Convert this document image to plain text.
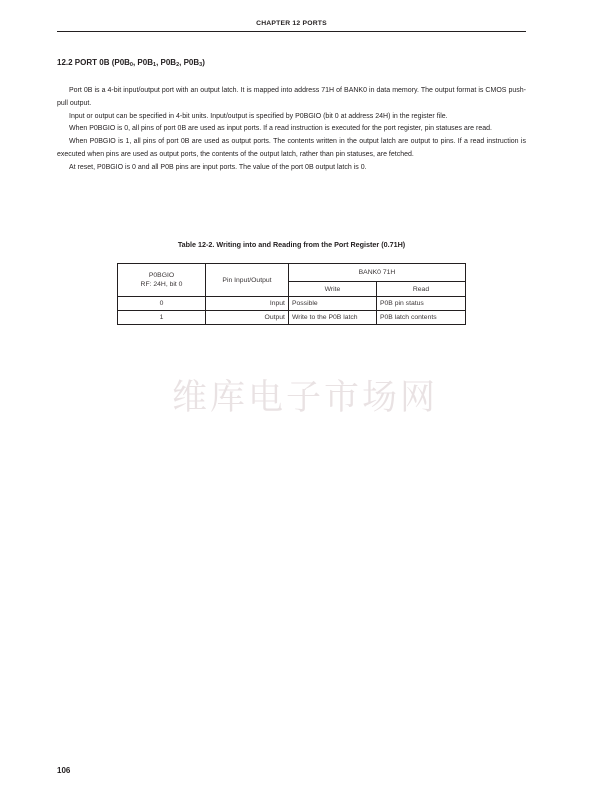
CHAPTER 12 PORTS
12.2 PORT 0B (P0B0, P0B1, P0B2, P0B3)

Port 0B is a 4-bit input/output port with an output latch. It is mapped into address 71H of BANK0 in data memory. The output format is CMOS push-pull output.

Input or output can be specified in 4-bit units. Input/output is specified by P0BGIO (bit 0 at address 24H) in the register file.

When P0BGIO is 0, all pins of port 0B are used as input ports. If a read instruction is executed for the port register, pin statuses are read.

When P0BGIO is 1, all pins of port 0B are used as output ports. The contents written in the output latch are output to pins. If a read instruction is executed when pins are used as output ports, the contents of the output latch, rather than pin statuses, are fetched.

At reset, P0BGIO is 0 and all P0B pins are input ports. The value of the port 0B output latch is 0.

Table 12-2. Writing into and Reading from the Port Register (0.71H)
P0BGIO
RF: 24H, bit 0	Pin Input/Output	BANK0 71H	
		Write	Read
0	Input	Possible	P0B pin status
1	Output	Write to the P0B latch	P0B latch contents
维库电子市场网
106
